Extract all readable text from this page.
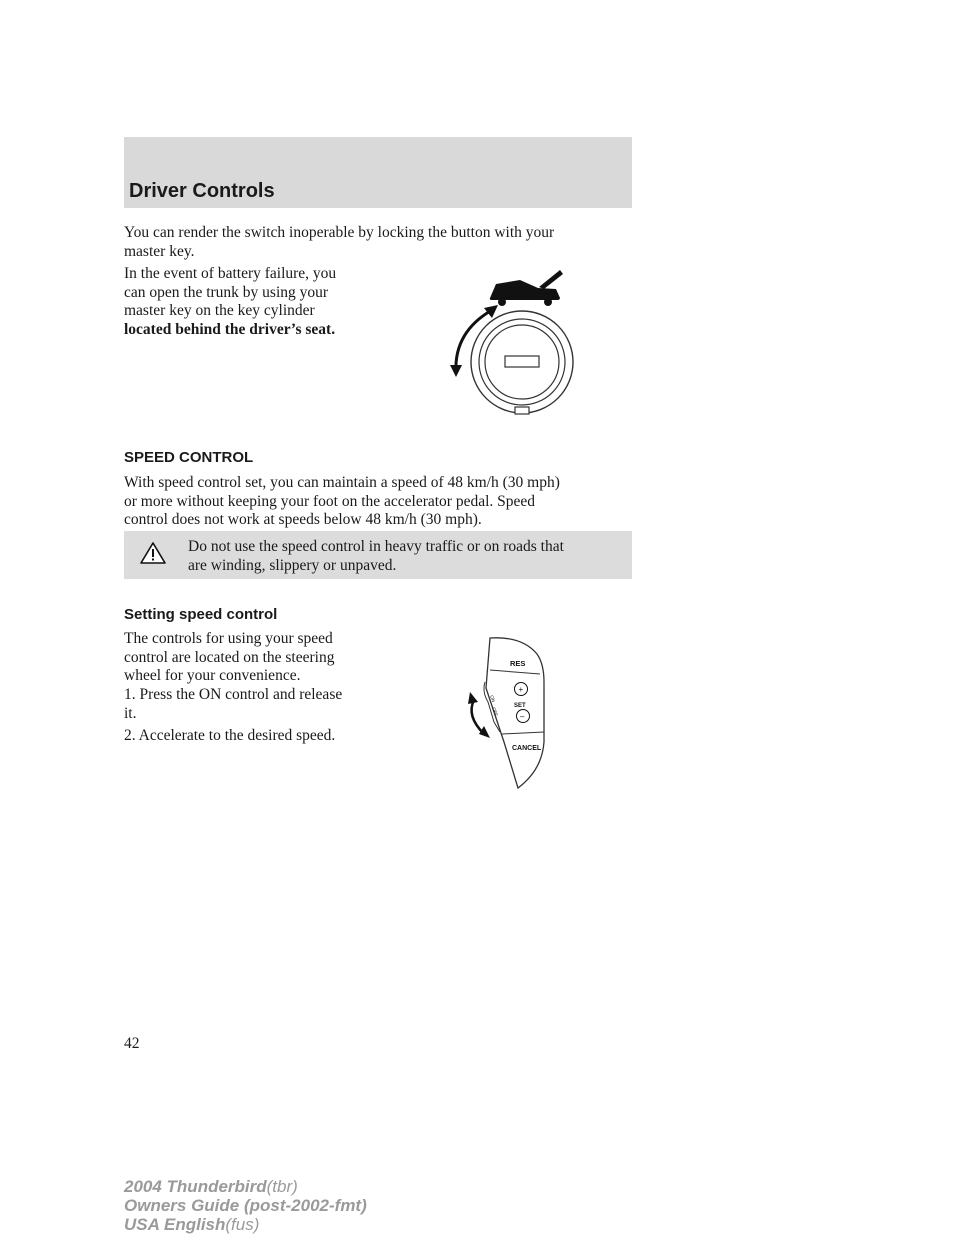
Driver Controls

You can render the switch inoperable by locking the button with your
master key.

In the event of battery failure, you
can open the trunk by using your
master key on the key cylinder
located behind the driver’s seat.

SPEED CONTROL

With speed control set, you can maintain a speed of 48 km/h (30 mph)
or more without keeping your foot on the accelerator pedal. Speed
control does not work at speeds below 48 km/h (30 mph).

Do not use the speed control in heavy traffic or on roads that
are winding, slippery or unpaved.

Setting speed control

The controls for using your speed
control are located on the steering
wheel for your convenience.

1. Press the ON control and release
it.

2. Accelerate to the desired speed.

RES
+
SET
–
CANCEL
ON
OFF

42

2004 Thunderbird(tbr)
Owners Guide (post-2002-fmt)
USA English(fus)
